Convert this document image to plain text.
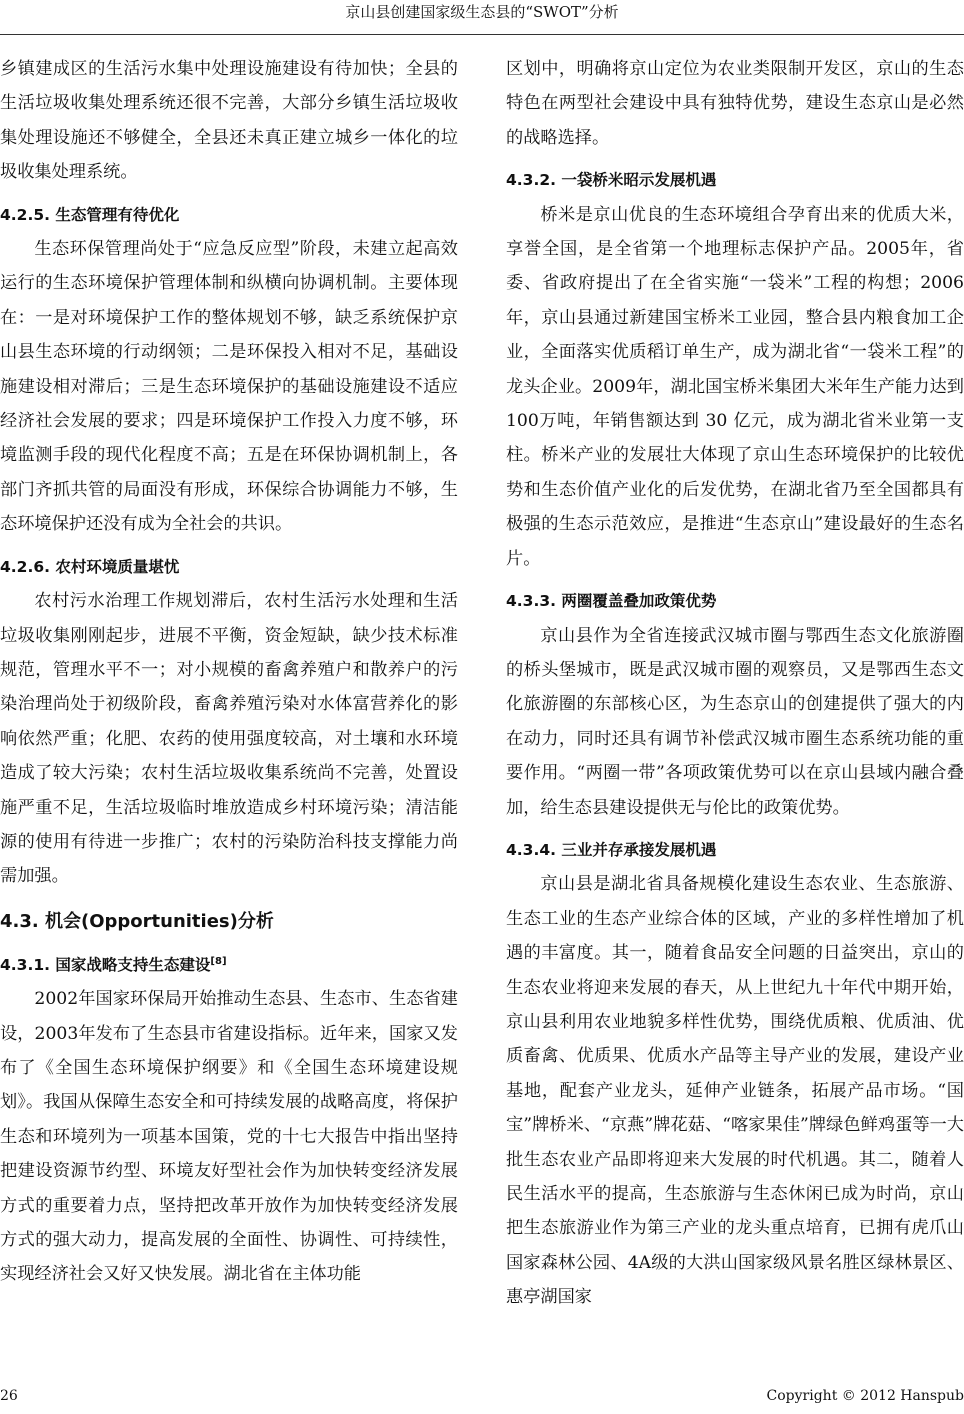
京山县创建国家级生态县的“SWOT”分析

乡镇建成区的生活污水集中处理设施建设有待加快；全县的生活垃圾收集处理系统还很不完善，大部分乡镇生活垃圾收集处理设施还不够健全，全县还未真正建立城乡一体化的垃圾收集处理系统。

4.2.5. 生态管理有待优化

生态环保管理尚处于“应急反应型”阶段，未建立起高效运行的生态环境保护管理体制和纵横向协调机制。主要体现在：一是对环境保护工作的整体规划不够，缺乏系统保护京山县生态环境的行动纲领；二是环保投入相对不足，基础设施建设相对滞后；三是生态环境保护的基础设施建设不适应经济社会发展的要求；四是环境保护工作投入力度不够，环境监测手段的现代化程度不高；五是在环保协调机制上，各部门齐抓共管的局面没有形成，环保综合协调能力不够，生态环境保护还没有成为全社会的共识。

4.2.6. 农村环境质量堪忧

农村污水治理工作规划滞后，农村生活污水处理和生活垃圾收集刚刚起步，进展不平衡，资金短缺，缺少技术标准规范，管理水平不一；对小规模的畜禽养殖户和散养户的污染治理尚处于初级阶段，畜禽养殖污染对水体富营养化的影响依然严重；化肥、农药的使用强度较高，对土壤和水环境造成了较大污染；农村生活垃圾收集系统尚不完善，处置设施严重不足，生活垃圾临时堆放造成乡村环境污染；清洁能源的使用有待进一步推广；农村的污染防治科技支撑能力尚需加强。

4.3. 机会(Opportunities)分析
4.3.1. 国家战略支持生态建设[8]

2002年国家环保局开始推动生态县、生态市、生态省建设，2003年发布了生态县市省建设指标。近年来，国家又发布了《全国生态环境保护纲要》和《全国生态环境建设规划》。我国从保障生态安全和可持续发展的战略高度，将保护生态和环境列为一项基本国策，党的十七大报告中指出坚持把建设资源节约型、环境友好型社会作为加快转变经济发展方式的重要着力点，坚持把改革开放作为加快转变经济发展方式的强大动力，提高发展的全面性、协调性、可持续性，实现经济社会又好又快发展。湖北省在主体功能

区划中，明确将京山定位为农业类限制开发区，京山的生态特色在两型社会建设中具有独特优势，建设生态京山是必然的战略选择。

4.3.2. 一袋桥米昭示发展机遇

桥米是京山优良的生态环境组合孕育出来的优质大米，享誉全国，是全省第一个地理标志保护产品。2005年，省委、省政府提出了在全省实施“一袋米”工程的构想；2006年，京山县通过新建国宝桥米工业园，整合县内粮食加工企业，全面落实优质稻订单生产，成为湖北省“一袋米工程”的龙头企业。2009年，湖北国宝桥米集团大米年生产能力达到100万吨，年销售额达到 30 亿元，成为湖北省米业第一支柱。桥米产业的发展壮大体现了京山生态环境保护的比较优势和生态价值产业化的后发优势，在湖北省乃至全国都具有极强的生态示范效应，是推进“生态京山”建设最好的生态名片。

4.3.3. 两圈覆盖叠加政策优势

京山县作为全省连接武汉城市圈与鄂西生态文化旅游圈的桥头堡城市，既是武汉城市圈的观察员，又是鄂西生态文化旅游圈的东部核心区，为生态京山的创建提供了强大的内在动力，同时还具有调节补偿武汉城市圈生态系统功能的重要作用。“两圈一带”各项政策优势可以在京山县域内融合叠加，给生态县建设提供无与伦比的政策优势。

4.3.4. 三业并存承接发展机遇

京山县是湖北省具备规模化建设生态农业、生态旅游、生态工业的生态产业综合体的区域，产业的多样性增加了机遇的丰富度。其一，随着食品安全问题的日益突出，京山的生态农业将迎来发展的春天，从上世纪九十年代中期开始，京山县利用农业地貌多样性优势，围绕优质粮、优质油、优质畜禽、优质果、优质水产品等主导产业的发展，建设产业基地，配套产业龙头，延伸产业链条，拓展产品市场。“国宝”牌桥米、“京燕”牌花菇、“喀家果佳”牌绿色鲜鸡蛋等一大批生态农业产品即将迎来大发展的时代机遇。其二，随着人民生活水平的提高，生态旅游与生态休闲已成为时尚，京山把生态旅游业作为第三产业的龙头重点培育，已拥有虎爪山国家森林公园、4A级的大洪山国家级风景名胜区绿林景区、惠亭湖国家

26	Copyright © 2012 Hanspub
